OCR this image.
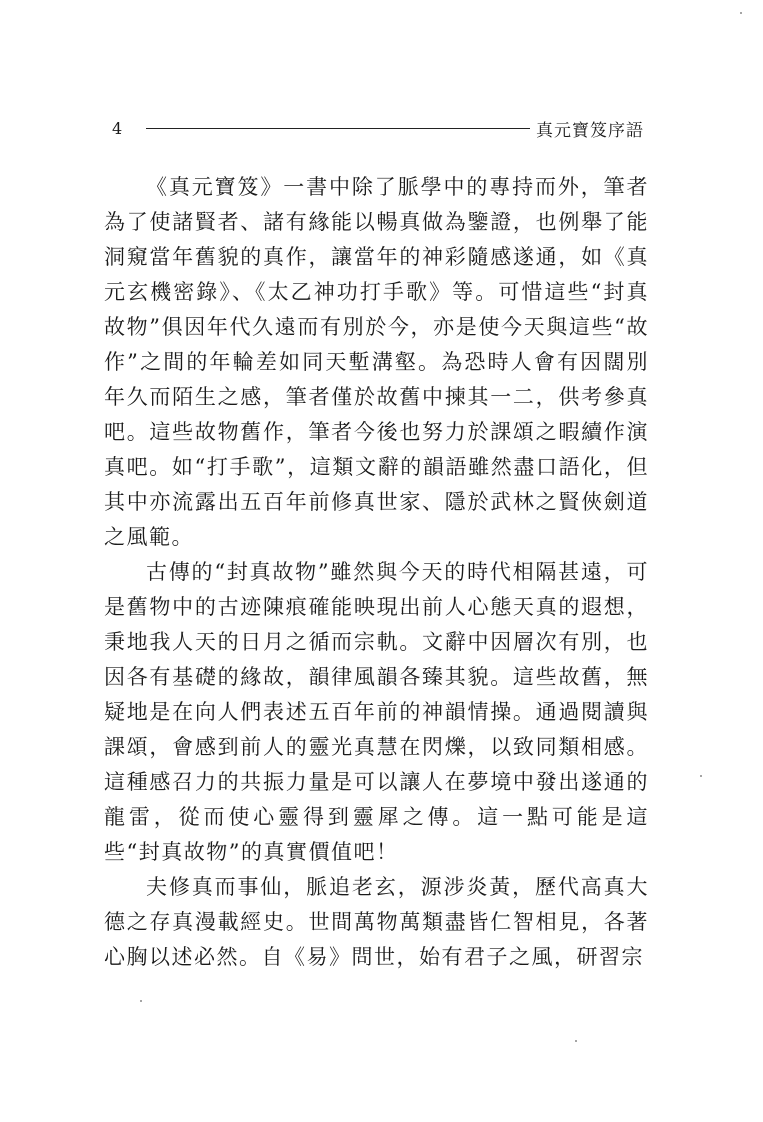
4	真元寶笈序語

《真元寶笈》一書中除了脈學中的專持而外，筆者為了使諸賢者、諸有緣能以暢真做為鑒證，也例舉了能洞窺當年舊貌的真作，讓當年的神彩隨感遂通，如《真元玄機密錄》、《太乙神功打手歌》等。可惜這些“封真故物”俱因年代久遠而有別於今，亦是使今天與這些“故作”之間的年輪差如同天塹溝壑。為恐時人會有因闊別年久而陌生之感，筆者僅於故舊中揀其一二，供考參真吧。這些故物舊作，筆者今後也努力於課頌之暇續作演真吧。如“打手歌”，這類文辭的韻語雖然盡口語化，但其中亦流露出五百年前修真世家、隱於武林之賢俠劍道之風範。

古傳的“封真故物”雖然與今天的時代相隔甚遠，可是舊物中的古迹陳痕確能映現出前人心態天真的遐想，秉地我人天的日月之循而宗軌。文辭中因層次有別，也因各有基礎的緣故，韻律風韻各臻其貌。這些故舊，無疑地是在向人們表述五百年前的神韻情操。通過閱讀與課頌，會感到前人的靈光真慧在閃爍，以致同類相感。這種感召力的共振力量是可以讓人在夢境中發出遂通的龍雷，從而使心靈得到靈犀之傳。這一點可能是這些“封真故物”的真實價值吧！

夫修真而事仙，脈追老玄，源涉炎黃，歷代高真大德之存真漫載經史。世間萬物萬類盡皆仁智相見，各著心胸以述必然。自《易》問世，始有君子之風，研習宗
